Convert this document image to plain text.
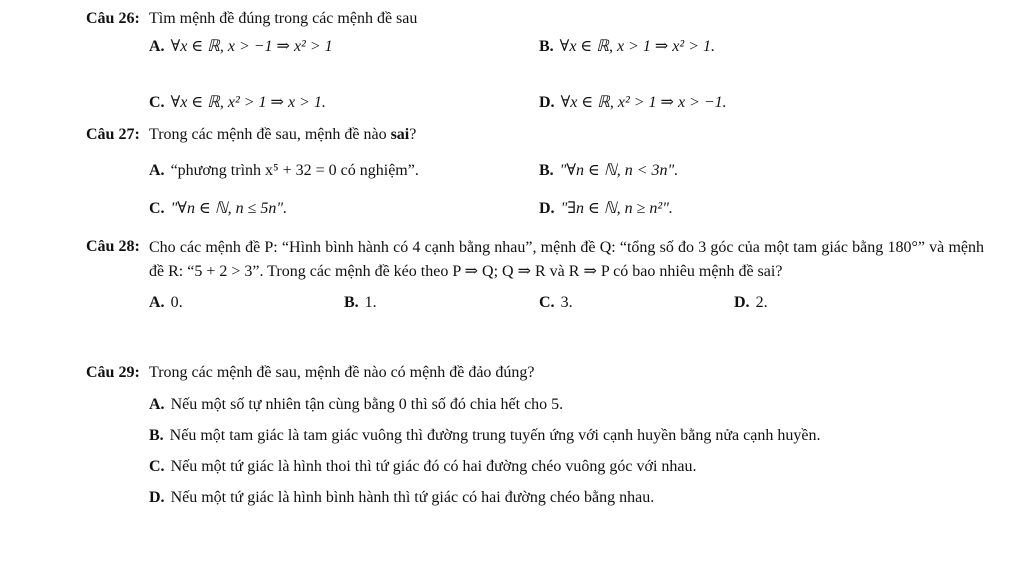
Câu 26: Tìm mệnh đề đúng trong các mệnh đề sau
A. ∀x ∈ ℝ, x > −1 ⇒ x² > 1	B. ∀x ∈ ℝ, x > 1 ⇒ x² > 1.
C. ∀x ∈ ℝ, x² > 1 ⇒ x > 1.	D. ∀x ∈ ℝ, x² > 1 ⇒ x > −1.
Câu 27: Trong các mệnh đề sau, mệnh đề nào sai?
A. “phương trình x⁵ + 32 = 0 có nghiệm”.	B. "∀n ∈ ℕ, n < 3n".
C. "∀n ∈ ℕ, n ≤ 5n".	D. "∃n ∈ ℕ, n ≥ n²".
Câu 28: Cho các mệnh đề P: “Hình bình hành có 4 cạnh bằng nhau”, mệnh đề Q: “tổng số đo 3 góc của một tam giác bằng 180°” và mệnh đề R: “5 + 2 > 3”. Trong các mệnh đề kéo theo P ⇒ Q; Q ⇒ R và R ⇒ P có bao nhiêu mệnh đề sai?
A. 0.	B. 1.	C. 3.	D. 2.
Câu 29: Trong các mệnh đề sau, mệnh đề nào có mệnh đề đảo đúng?
A. Nếu một số tự nhiên tận cùng bằng 0 thì số đó chia hết cho 5.
B. Nếu một tam giác là tam giác vuông thì đường trung tuyến ứng với cạnh huyền bằng nửa cạnh huyền.
C. Nếu một tứ giác là hình thoi thì tứ giác đó có hai đường chéo vuông góc với nhau.
D. Nếu một tứ giác là hình bình hành thì tứ giác có hai đường chéo bằng nhau.
